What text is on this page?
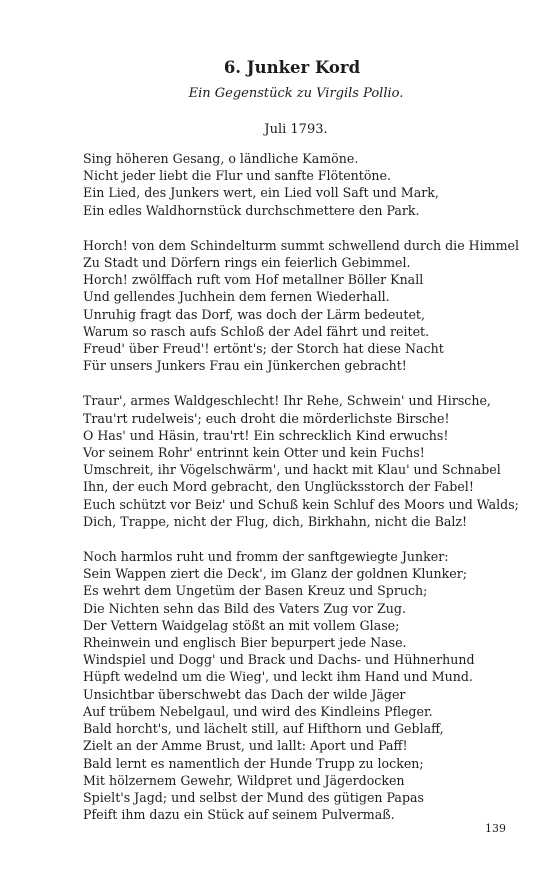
6. Junker Kord

Ein Gegenstück zu Virgils Pollio.

Juli 1793.

Sing höheren Gesang, o ländliche Kamöne.
Nicht jeder liebt die Flur und sanfte Flötentöne.
Ein Lied, des Junkers wert, ein Lied voll Saft und Mark,
Ein edles Waldhornstück durchschmettere den Park.
Horch! von dem Schindelturm summt schwellend durch die Himmel
Zu Stadt und Dörfern rings ein feierlich Gebimmel.
Horch! zwölffach ruft vom Hof metallner Böller Knall
Und gellendes Juchhein dem fernen Wiederhall.
Unruhig fragt das Dorf, was doch der Lärm bedeutet,
Warum so rasch aufs Schloß der Adel fährt und reitet.
Freud' über Freud'! ertönt's; der Storch hat diese Nacht
Für unsers Junkers Frau ein Jünkerchen gebracht!
Traur', armes Waldgeschlecht! Ihr Rehe, Schwein' und Hirsche,
Trau'rt rudelweis'; euch droht die mörderlichste Birsche!
O Has' und Häsin, trau'rt! Ein schrecklich Kind erwuchs!
Vor seinem Rohr' entrinnt kein Otter und kein Fuchs!
Umschreit, ihr Vögelschwärm', und hackt mit Klau' und Schnabel
Ihn, der euch Mord gebracht, den Unglücksstorch der Fabel!
Euch schützt vor Beiz' und Schuß kein Schluf des Moors und Walds;
Dich, Trappe, nicht der Flug, dich, Birkhahn, nicht die Balz!
Noch harmlos ruht und fromm der sanftgewiegte Junker:
Sein Wappen ziert die Deck', im Glanz der goldnen Klunker;
Es wehrt dem Ungetüm der Basen Kreuz und Spruch;
Die Nichten sehn das Bild des Vaters Zug vor Zug.
Der Vettern Waidgelag stößt an mit vollem Glase;
Rheinwein und englisch Bier bepurpert jede Nase.
Windspiel und Dogg' und Brack und Dachs- und Hühnerhund
Hüpft wedelnd um die Wieg', und leckt ihm Hand und Mund.
Unsichtbar überschwebt das Dach der wilde Jäger
Auf trübem Nebelgaul, und wird des Kindleins Pfleger.
Bald horcht's, und lächelt still, auf Hifthorn und Geblaff,
Zielt an der Amme Brust, und lallt: Aport und Paff!
Bald lernt es namentlich der Hunde Trupp zu locken;
Mit hölzernem Gewehr, Wildpret und Jägerdocken
Spielt's Jagd; und selbst der Mund des gütigen Papas
Pfeift ihm dazu ein Stück auf seinem Pulvermaß.
139
